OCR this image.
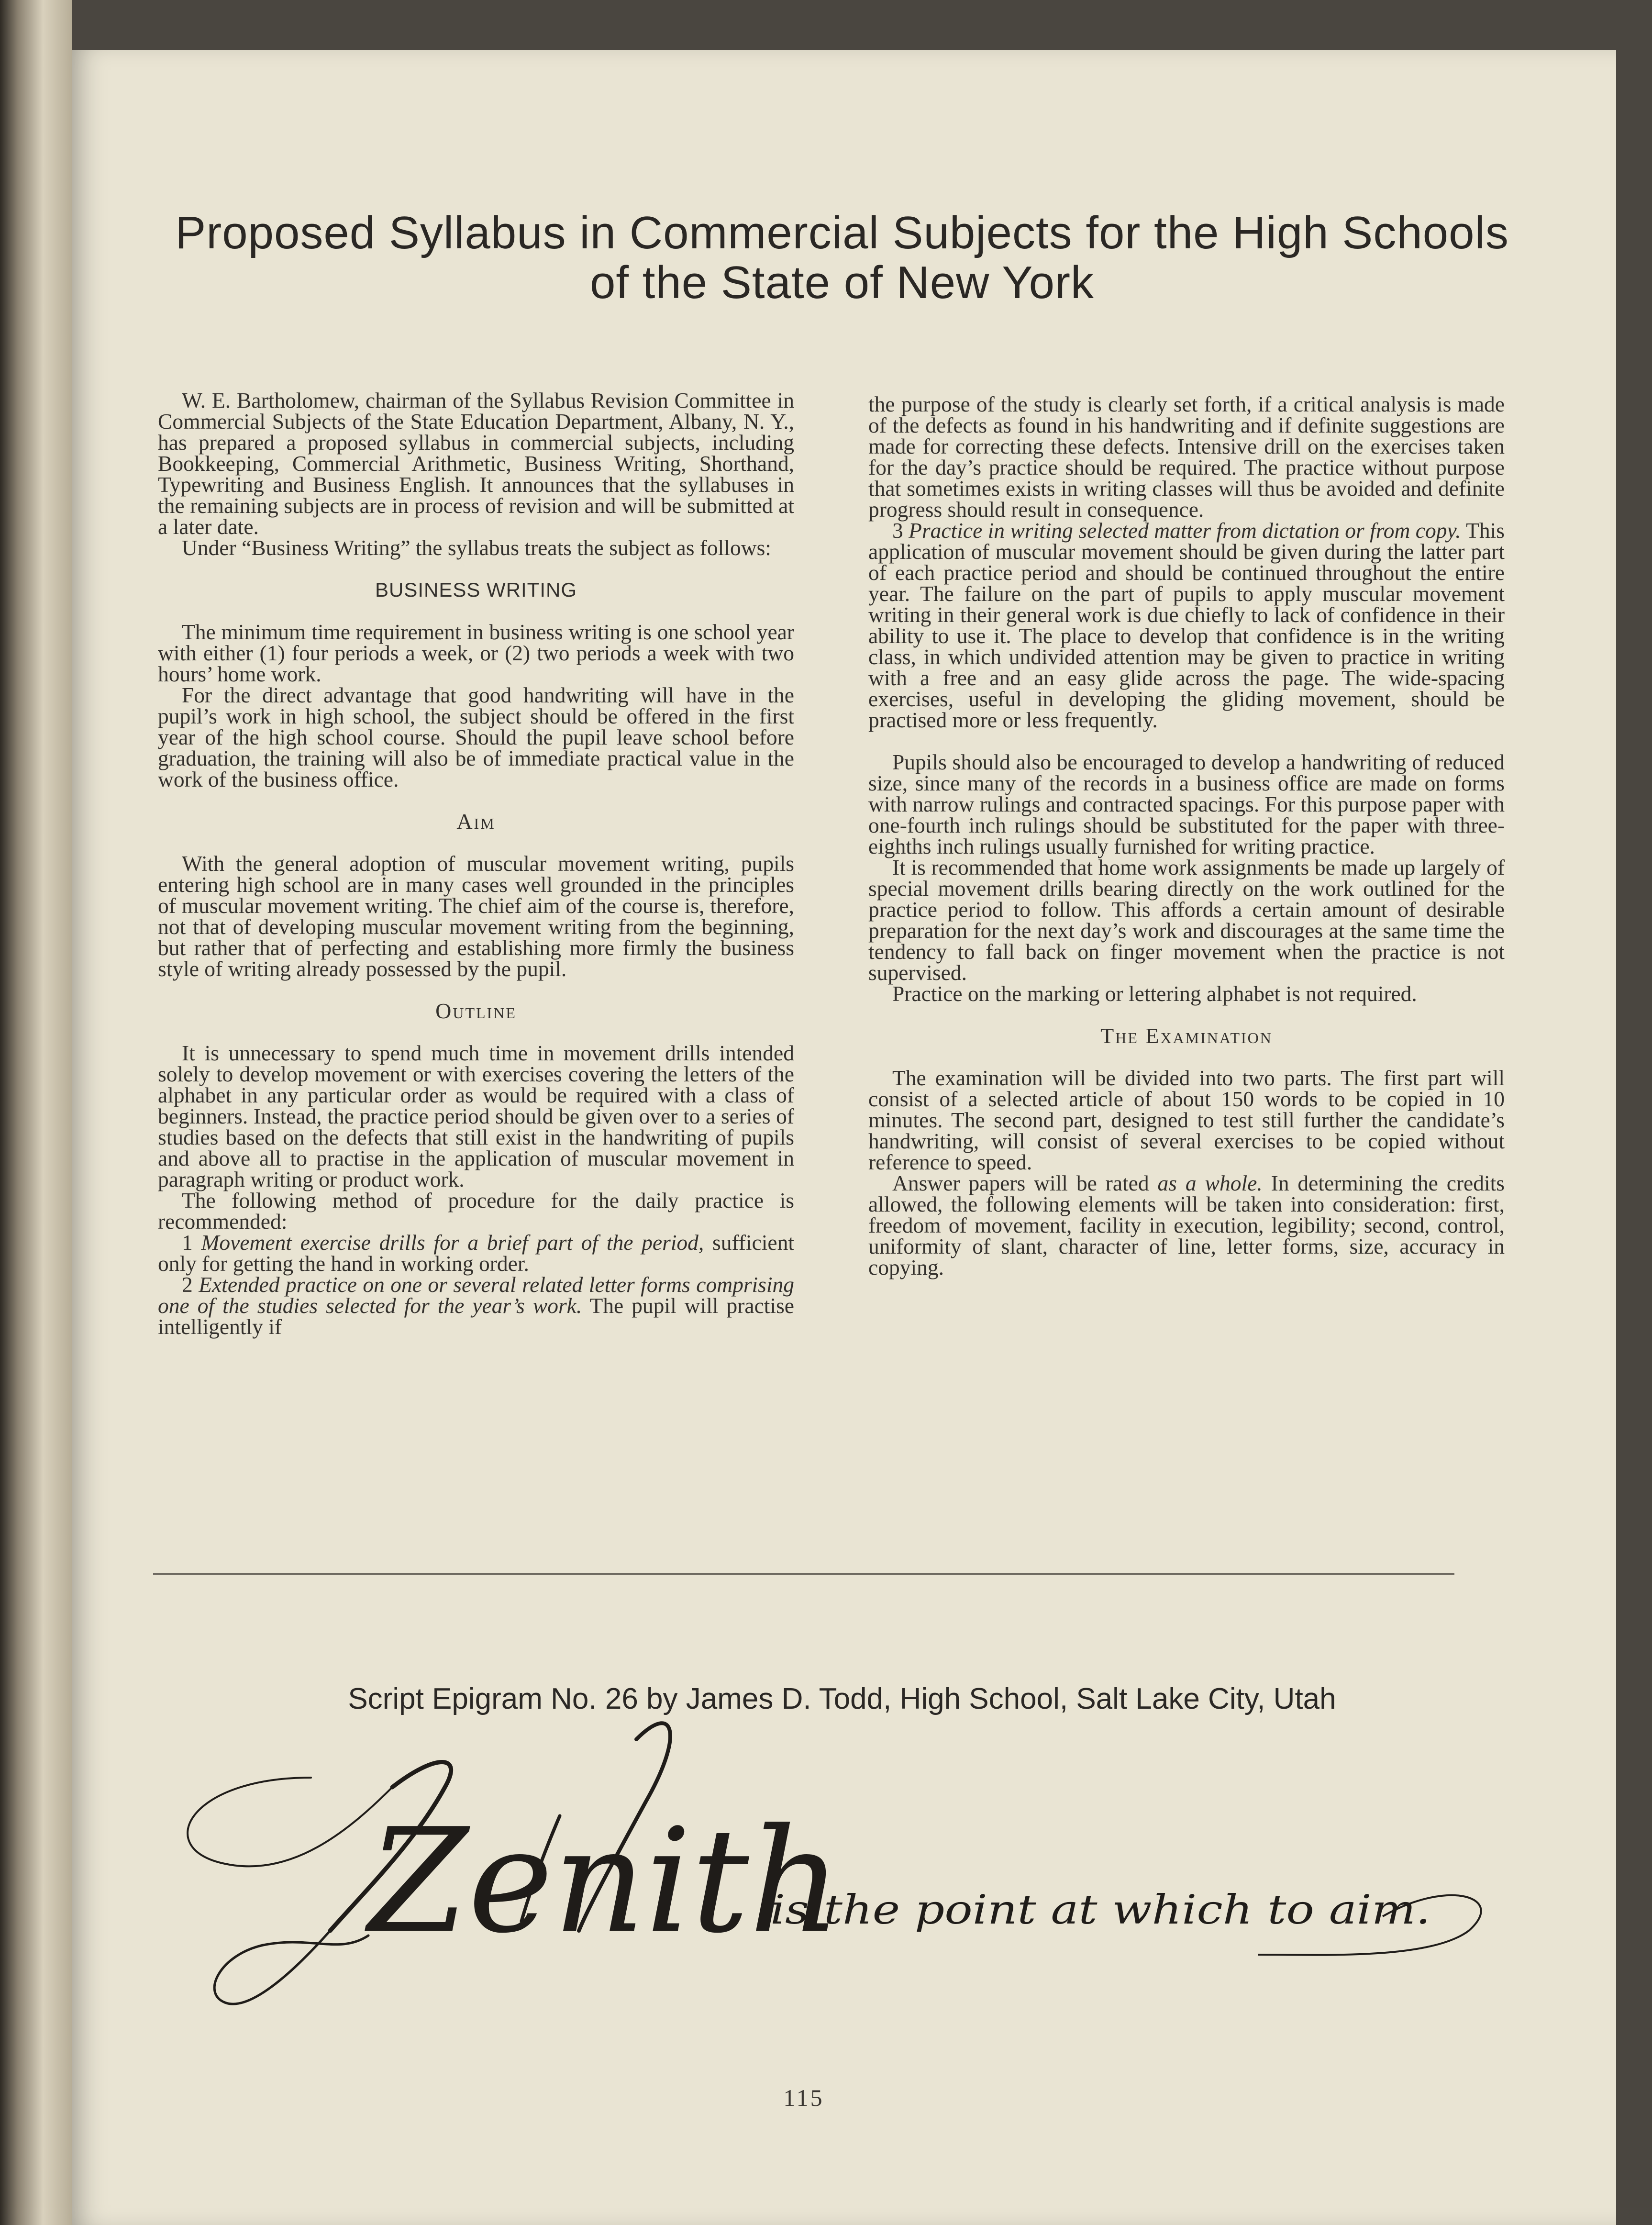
Proposed Syllabus in Commercial Subjects for the High Schools
of the State of New York

W. E. Bartholomew, chairman of the Syllabus Revision Committee in Commercial Subjects of the State Education Department, Albany, N. Y., has prepared a proposed syllabus in commercial subjects, including Bookkeeping, Commercial Arithmetic, Business Writing, Shorthand, Typewriting and Business English. It announces that the syllabuses in the remaining subjects are in process of revision and will be submitted at a later date.

Under “Business Writing” the syllabus treats the subject as follows:

BUSINESS WRITING

The minimum time requirement in business writing is one school year with either (1) four periods a week, or (2) two periods a week with two hours’ home work.

For the direct advantage that good handwriting will have in the pupil’s work in high school, the subject should be offered in the first year of the high school course. Should the pupil leave school before graduation, the training will also be of immediate practical value in the work of the business office.

Aim

With the general adoption of muscular movement writing, pupils entering high school are in many cases well grounded in the principles of muscular movement writing. The chief aim of the course is, therefore, not that of developing muscular movement writing from the beginning, but rather that of perfecting and establishing more firmly the business style of writing already possessed by the pupil.

Outline

It is unnecessary to spend much time in movement drills intended solely to develop movement or with exercises covering the letters of the alphabet in any particular order as would be required with a class of beginners. Instead, the practice period should be given over to a series of studies based on the defects that still exist in the handwriting of pupils and above all to practise in the application of muscular movement in paragraph writing or product work.

The following method of procedure for the daily practice is recommended:

1 Movement exercise drills for a brief part of the period, sufficient only for getting the hand in working order.

2 Extended practice on one or several related letter forms comprising one of the studies selected for the year’s work. The pupil will practise intelligently if

the purpose of the study is clearly set forth, if a critical analysis is made of the defects as found in his handwriting and if definite suggestions are made for correcting these defects. Intensive drill on the exercises taken for the day’s practice should be required. The practice without purpose that sometimes exists in writing classes will thus be avoided and definite progress should result in consequence.

3 Practice in writing selected matter from dictation or from copy. This application of muscular movement should be given during the latter part of each practice period and should be continued throughout the entire year. The failure on the part of pupils to apply muscular movement writing in their general work is due chiefly to lack of confidence in their ability to use it. The place to develop that confidence is in the writing class, in which undivided attention may be given to practice in writing with a free and an easy glide across the page. The wide-spacing exercises, useful in developing the gliding movement, should be practised more or less frequently.

Pupils should also be encouraged to develop a handwriting of reduced size, since many of the records in a business office are made on forms with narrow rulings and contracted spacings. For this purpose paper with one-fourth inch rulings should be substituted for the paper with three-eighths inch rulings usually furnished for writing practice.

It is recommended that home work assignments be made up largely of special movement drills bearing directly on the work outlined for the practice period to follow. This affords a certain amount of desirable preparation for the next day’s work and discourages at the same time the tendency to fall back on finger movement when the practice is not supervised.

Practice on the marking or lettering alphabet is not required.

The Examination

The examination will be divided into two parts. The first part will consist of a selected article of about 150 words to be copied in 10 minutes. The second part, designed to test still further the candidate’s handwriting, will consist of several exercises to be copied without reference to speed.

Answer papers will be rated as a whole. In determining the credits allowed, the following elements will be taken into consideration: first, freedom of movement, facility in execution, legibility; second, control, uniformity of slant, character of line, letter forms, size, accuracy in copying.

Script Epigram No. 26 by James D. Todd, High School, Salt Lake City, Utah
Zenith
is the point at which to aim.
115
